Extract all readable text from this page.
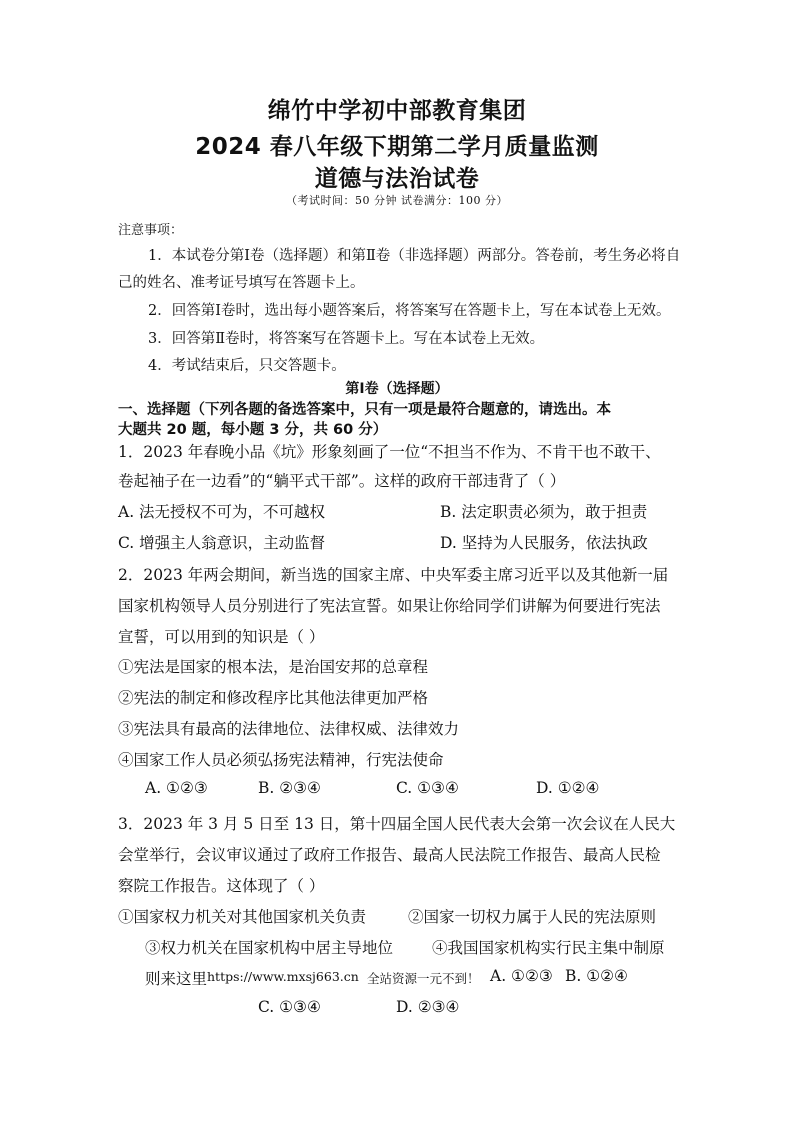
绵竹中学初中部教育集团
2024 春八年级下期第二学月质量监测
道德与法治试卷
（考试时间：50 分钟 试卷满分：100 分）
注意事项：
1．本试卷分第Ⅰ卷（选择题）和第Ⅱ卷（非选择题）两部分。答卷前，考生务必将自
己的姓名、准考证号填写在答题卡上。
2．回答第Ⅰ卷时，选出每小题答案后，将答案写在答题卡上，写在本试卷上无效。
3．回答第Ⅱ卷时，将答案写在答题卡上。写在本试卷上无效。
4．考试结束后，只交答题卡。
第Ⅰ卷（选择题）
一、选择题（下列各题的备选答案中，只有一项是最符合题意的，请选出。本
大题共 20 题，每小题 3 分，共 60 分）
1．2023 年春晚小品《坑》形象刻画了一位“不担当不作为、不肯干也不敢干、
卷起袖子在一边看”的“躺平式干部”。这样的政府干部违背了（ ）
A. 法无授权不可为，不可越权	B. 法定职责必须为，敢于担责
C. 增强主人翁意识，主动监督	D. 坚持为人民服务，依法执政
2．2023 年两会期间，新当选的国家主席、中央军委主席习近平以及其他新一届
国家机构领导人员分别进行了宪法宣誓。如果让你给同学们讲解为何要进行宪法
宣誓，可以用到的知识是（ ）
①宪法是国家的根本法，是治国安邦的总章程
②宪法的制定和修改程序比其他法律更加严格
③宪法具有最高的法律地位、法律权威、法律效力
④国家工作人员必须弘扬宪法精神，行宪法使命
A. ①②③	B. ②③④	C. ①③④	D. ①②④
3．2023 年 3 月 5 日至 13 日，第十四届全国人民代表大会第一次会议在人民大
会堂举行，会议审议通过了政府工作报告、最高人民法院工作报告、最高人民检
察院工作报告。这体现了（ ）
①国家权力机关对其他国家机关负责	②国家一切权力属于人民的宪法原则
③权力机关在国家机构中居主导地位	④我国国家机构实行民主集中制原
则来这里 https://www.mxsj663.cn 全站资源一元不到！ A. ①②③ B. ①②④
C. ①③④	D. ②③④
